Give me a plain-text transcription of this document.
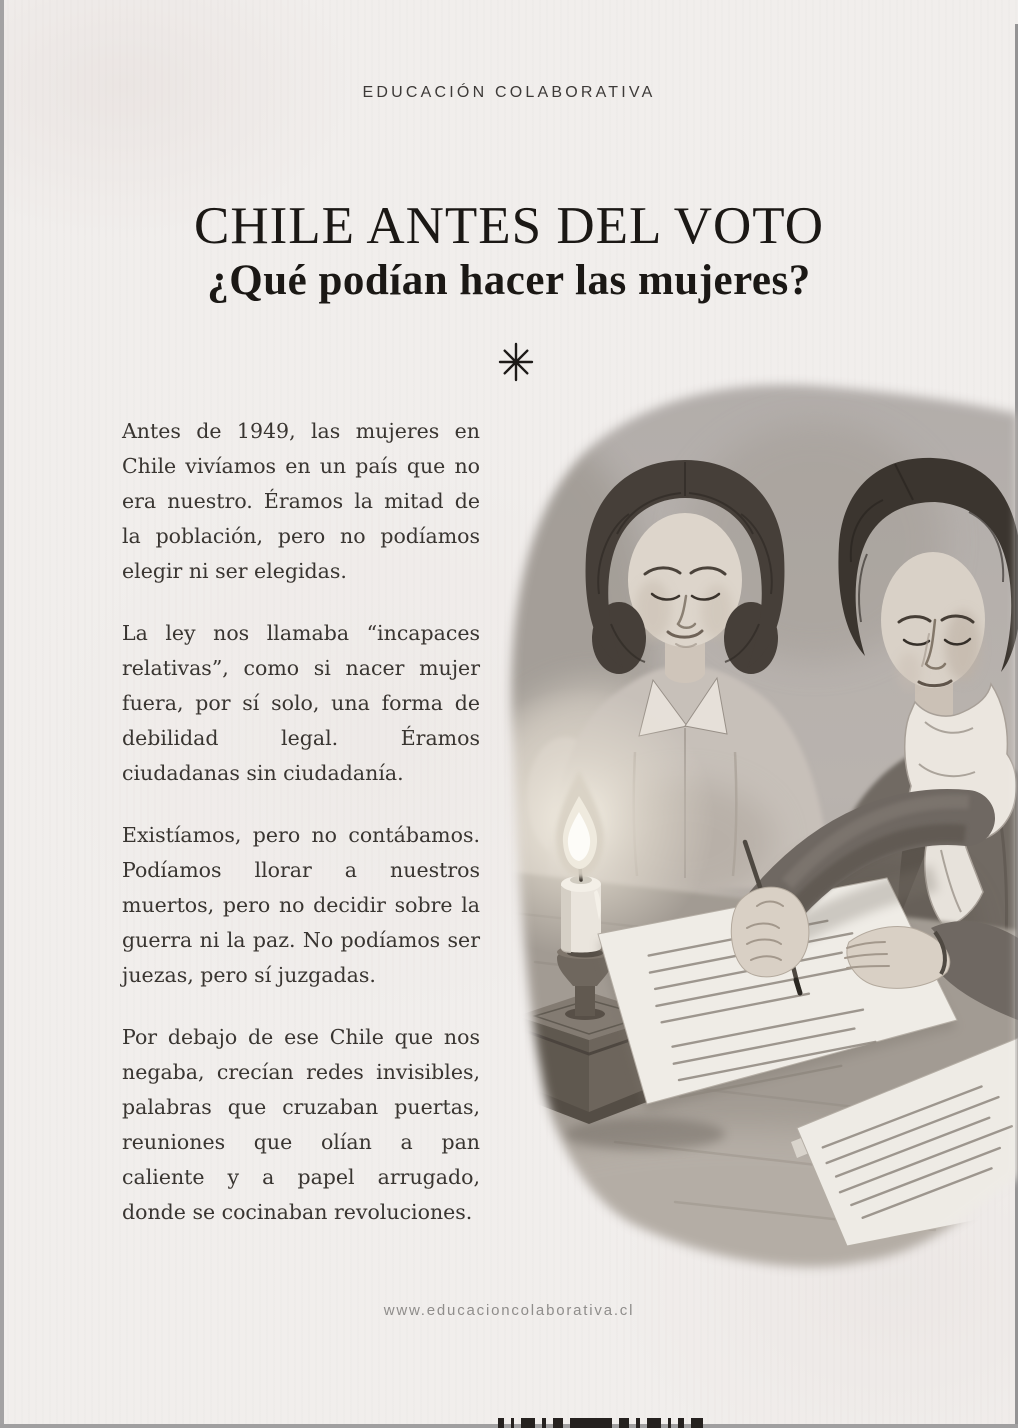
EDUCACIÓN COLABORATIVA
CHILE ANTES DEL VOTO
¿Qué podían hacer las mujeres?

Antes de 1949, las mujeres en Chile vivíamos en un país que no era nuestro. Éramos la mitad de la población, pero no podíamos elegir ni ser elegidas.

La ley nos llamaba “incapaces relativas”, como si nacer mujer fuera, por sí solo, una forma de debilidad legal. Éramos ciudadanas sin ciudadanía.

Existíamos, pero no contábamos. Podíamos llorar a nuestros muertos, pero no decidir sobre la guerra ni la paz. No podíamos ser juezas, pero sí juzgadas.

Por debajo de ese Chile que nos negaba, crecían redes invisibles, palabras que cruzaban puertas, reuniones que olían a pan caliente y a papel arrugado, donde se cocinaban revoluciones.

www.educacioncolaborativa.cl
